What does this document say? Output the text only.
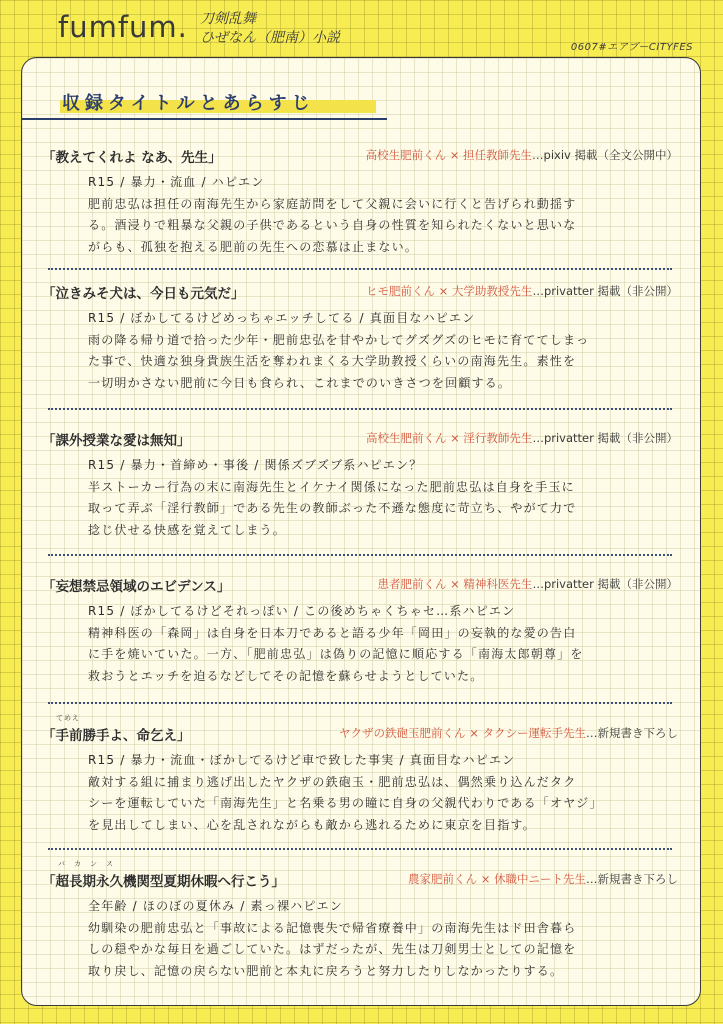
fumfum. 刀剣乱舞
ひぜなん（肥南）小説
0607#エアブーCITYFES
収録タイトルとあらすじ
「教えてくれよ なあ、先生」	高校生肥前くん × 担任教師先生…pixiv 掲載（全文公開中）
R15 / 暴力・流血 / ハピエン
肥前忠弘は担任の南海先生から家庭訪問をして父親に会いに行くと告げられ動揺す
る。酒浸りで粗暴な父親の子供であるという自身の性質を知られたくないと思いな
がらも、孤独を抱える肥前の先生への恋慕は止まない。
「泣きみそ犬は、今日も元気だ」	ヒモ肥前くん × 大学助教授先生…privatter 掲載（非公開）
R15 / ぼかしてるけどめっちゃエッチしてる / 真面目なハピエン
雨の降る帰り道で拾った少年・肥前忠弘を甘やかしてグズグズのヒモに育ててしまっ
た事で、快適な独身貴族生活を奪われまくる大学助教授くらいの南海先生。素性を
一切明かさない肥前に今日も食られ、これまでのいきさつを回顧する。
「課外授業な愛は無知」	高校生肥前くん × 淫行教師先生…privatter 掲載（非公開）
R15 / 暴力・首締め・事後 / 関係ズブズブ系ハピエン？
半ストーカー行為の末に南海先生とイケナイ関係になった肥前忠弘は自身を手玉に
取って弄ぶ「淫行教師」である先生の教師ぶった不遜な態度に苛立ち、やがて力で
捻じ伏せる快感を覚えてしまう。
「妄想禁忌領域のエビデンス」	患者肥前くん × 精神科医先生…privatter 掲載（非公開）
R15 / ぼかしてるけどそれっぽい / この後めちゃくちゃセ…系ハピエン
精神科医の「森岡」は自身を日本刀であると語る少年「岡田」の妄執的な愛の告白
に手を焼いていた。一方、「肥前忠弘」は偽りの記憶に順応する「南海太郎朝尊」を
救おうとエッチを迫るなどしてその記憶を蘇らせようとしていた。
てめえ
「手前勝手よ、命乞え」	ヤクザの鉄砲玉肥前くん × タクシー運転手先生…新規書き下ろし
R15 / 暴力・流血・ぼかしてるけど車で致した事実 / 真面目なハピエン
敵対する組に捕まり逃げ出したヤクザの鉄砲玉・肥前忠弘は、偶然乗り込んだタク
シーを運転していた「南海先生」と名乗る男の瞳に自身の父親代わりである「オヤジ」
を見出してしまい、心を乱されながらも敵から逃れるために東京を目指す。
バ　カ　ン　ス
「超長期永久機関型夏期休暇へ行こう」	農家肥前くん × 休職中ニート先生…新規書き下ろし
全年齢 / ほのぼの夏休み / 素っ裸ハピエン
幼馴染の肥前忠弘と「事故による記憶喪失で帰省療養中」の南海先生はド田舎暮ら
しの穏やかな毎日を過ごしていた。はずだったが、先生は刀剣男士としての記憶を
取り戻し、記憶の戻らない肥前と本丸に戻ろうと努力したりしなかったりする。
